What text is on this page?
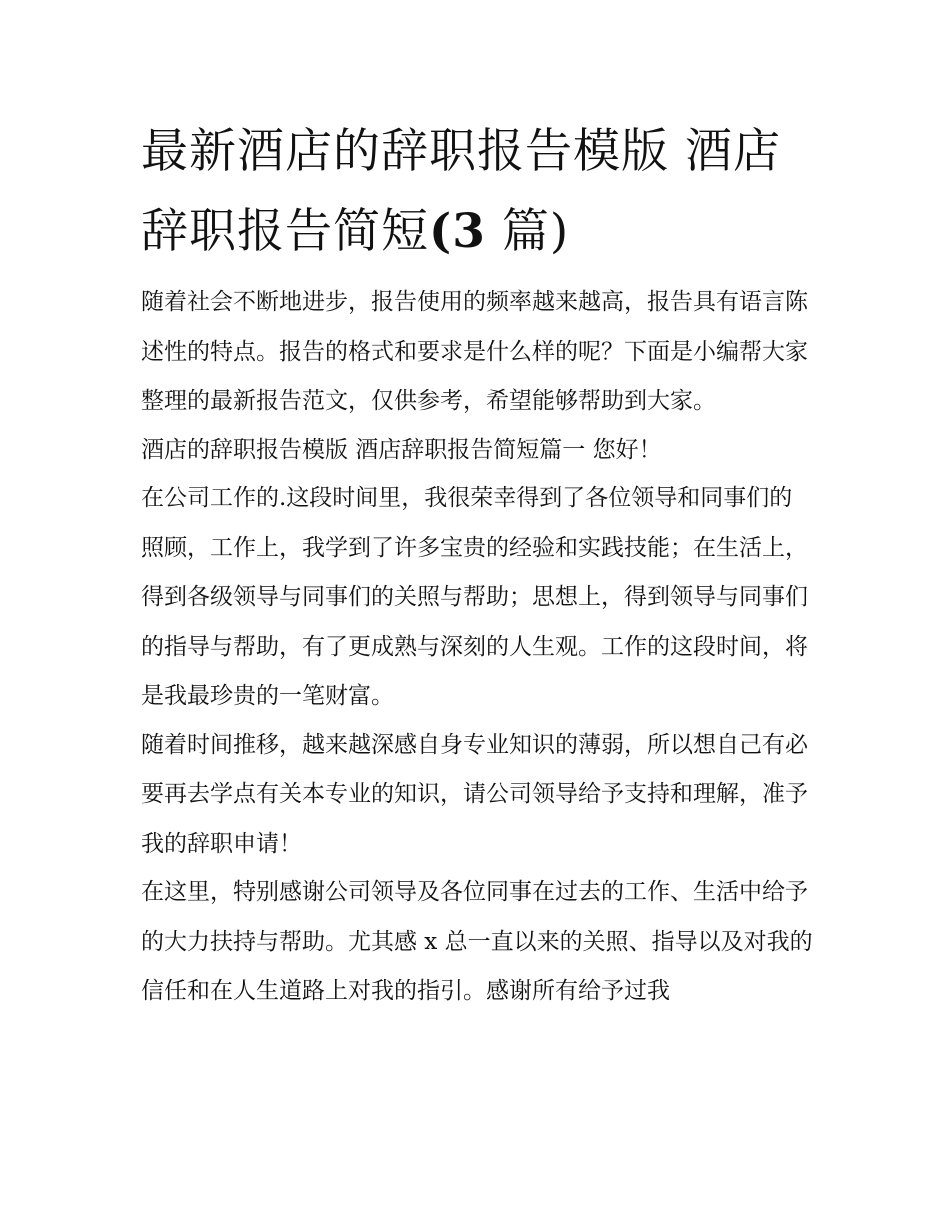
最新酒店的辞职报告模版 酒店辞职报告简短(3 篇)

随着社会不断地进步，报告使用的频率越来越高，报告具有语言陈述性的特点。报告的格式和要求是什么样的呢？下面是小编帮大家整理的最新报告范文，仅供参考，希望能够帮助到大家。

酒店的辞职报告模版 酒店辞职报告简短篇一 您好！

在公司工作的.这段时间里，我很荣幸得到了各位领导和同事们的照顾，工作上，我学到了许多宝贵的经验和实践技能；在生活上，得到各级领导与同事们的关照与帮助；思想上，得到领导与同事们的指导与帮助，有了更成熟与深刻的人生观。工作的这段时间，将是我最珍贵的一笔财富。

随着时间推移，越来越深感自身专业知识的薄弱，所以想自己有必要再去学点有关本专业的知识，请公司领导给予支持和理解，准予我的辞职申请！

在这里，特别感谢公司领导及各位同事在过去的工作、生活中给予的大力扶持与帮助。尤其感 x 总一直以来的关照、指导以及对我的信任和在人生道路上对我的指引。感谢所有给予过我
